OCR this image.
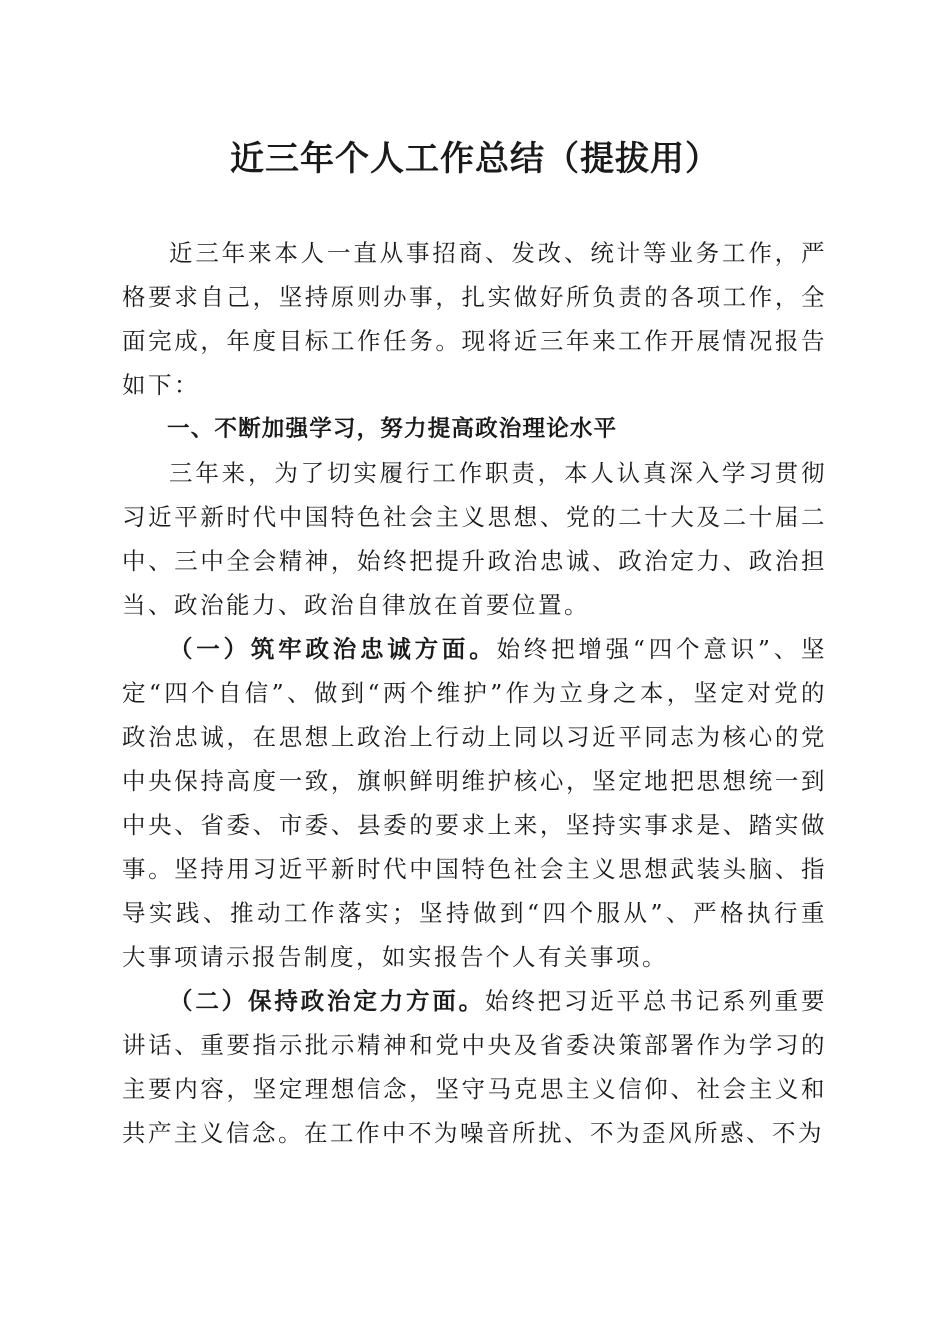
近三年个人工作总结（提拔用）

近三年来本人一直从事招商、发改、统计等业务工作，严格要求自己，坚持原则办事，扎实做好所负责的各项工作，全面完成，年度目标工作任务。现将近三年来工作开展情况报告如下：

一、不断加强学习，努力提高政治理论水平

三年来，为了切实履行工作职责，本人认真深入学习贯彻习近平新时代中国特色社会主义思想、党的二十大及二十届二中、三中全会精神，始终把提升政治忠诚、政治定力、政治担当、政治能力、政治自律放在首要位置。

（一）筑牢政治忠诚方面。始终把增强“四个意识”、坚定“四个自信”、做到“两个维护”作为立身之本，坚定对党的政治忠诚，在思想上政治上行动上同以习近平同志为核心的党中央保持高度一致，旗帜鲜明维护核心，坚定地把思想统一到中央、省委、市委、县委的要求上来，坚持实事求是、踏实做事。坚持用习近平新时代中国特色社会主义思想武装头脑、指导实践、推动工作落实；坚持做到“四个服从”、严格执行重大事项请示报告制度，如实报告个人有关事项。

（二）保持政治定力方面。始终把习近平总书记系列重要讲话、重要指示批示精神和党中央及省委决策部署作为学习的主要内容，坚定理想信念，坚守马克思主义信仰、社会主义和共产主义信念。在工作中不为噪音所扰、不为歪风所惑、不为
